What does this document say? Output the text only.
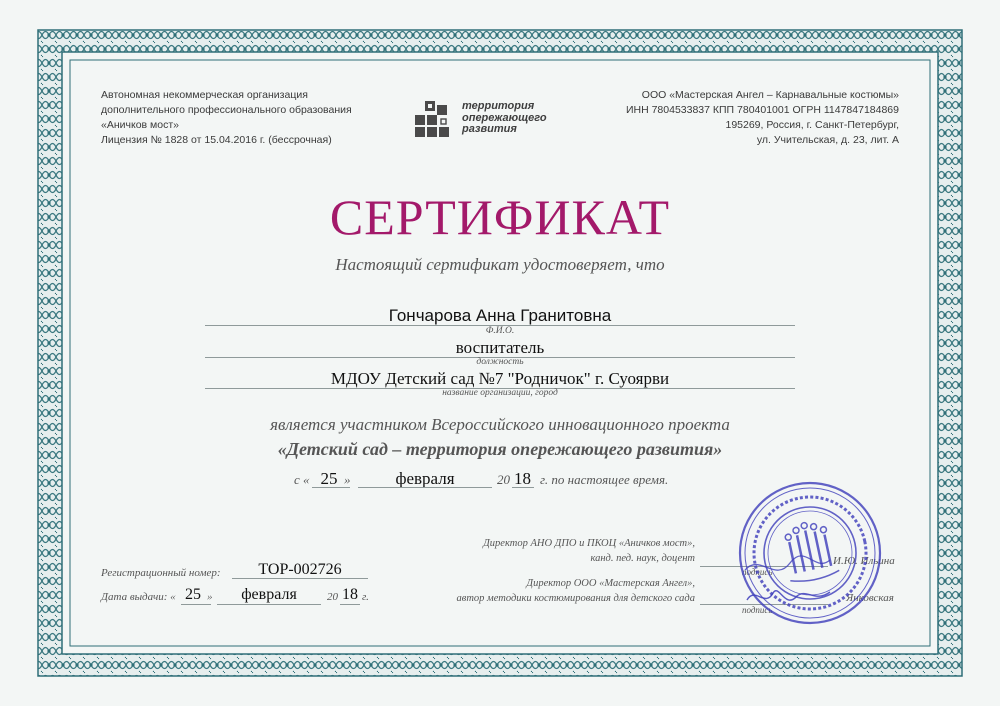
Автономная некоммерческая организация
дополнительного профессионального образования
«Аничков мост»
Лицензия № 1828 от 15.04.2016 г. (бессрочная)
территория
опережающего
развития
ООО «Мастерская Ангел – Карнавальные костюмы»
ИНН 7804533837 КПП 780401001 ОГРН 1147847184869
195269, Россия, г. Санкт-Петербург,
ул. Учительская, д. 23, лит. А
СЕРТИФИКАТ
Настоящий сертификат удостоверяет, что
Гончарова Анна Гранитовна
Ф.И.О.
воспитатель
должность
МДОУ Детский сад №7 "Родничок" г. Суоярви
название организации, город
является участником Всероссийского инновационного проекта
«Детский сад – территория опережающего развития»
с « 25 »	февраля	20 18 г. по настоящее время.
Регистрационный номер:	ТОР-002726
Дата выдачи: « 25 »	февраля	20 18 г.
Директор АНО ДПО и ПКОЦ «Аничков мост»,
канд. пед. наук, доцент
подпись
И.Ю. Ильина
Директор ООО «Мастерская Ангел»,
автор методики костюмирования для детского сада
подпись
Янковская
